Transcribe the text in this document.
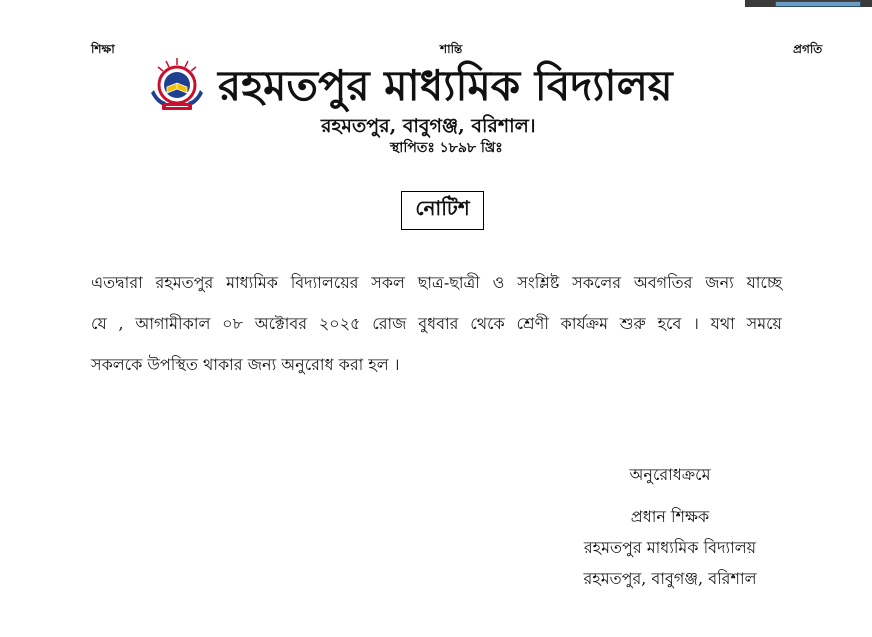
শিক্ষা	শান্তি	প্রগতি
রহমতপুর মাধ্যমিক বিদ্যালয়
রহমতপুর, বাবুগঞ্জ, বরিশাল।
স্থাপিতঃ ১৮৯৮ খ্রিঃ
নোটিশ
এতদ্বারা রহমতপুর মাধ্যমিক বিদ্যালয়ের সকল ছাত্র-ছাত্রী ও সংশ্লিষ্ট সকলের অবগতির জন্য যাচ্ছে
যে , আগামীকাল ০৮ অক্টোবর ২০২৫ রোজ বুধবার থেকে শ্রেণী কার্যক্রম শুরু হবে । যথা সময়ে
সকলকে উপস্থিত থাকার জন্য অনুরোধ করা হল ।
অনুরোধক্রমে
প্রধান শিক্ষক
রহমতপুর মাধ্যমিক বিদ্যালয়
রহমতপুর, বাবুগঞ্জ, বরিশাল
